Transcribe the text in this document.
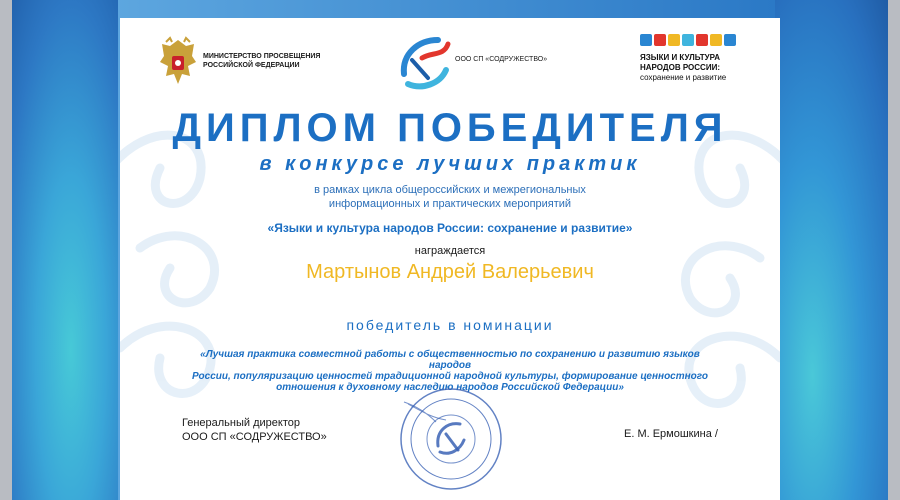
МИНИСТЕРСТВО ПРОСВЕЩЕНИЯ
РОССИЙСКОЙ ФЕДЕРАЦИИ
ООО СП «СОДРУЖЕСТВО»	ЯЗЫКИ И КУЛЬТУРА
НАРОДОВ РОССИИ:
сохранение и развитие
ДИПЛОМ ПОБЕДИТЕЛЯ
в конкурсе лучших практик
в рамках цикла общероссийских и межрегиональных
информационных и практических мероприятий
«Языки и культура народов России: сохранение и развитие»
награждается
Мартынов Андрей Валерьевич
победитель в номинации
«Лучшая практика совместной работы с общественностью по сохранению и развитию языков народов
России, популяризацию ценностей традиционной народной культуры, формирование ценностного
отношения к духовному наследию народов Российской Федерации»
Генеральный директор
ООО СП «СОДРУЖЕСТВО»	Е. М. Ермошкина /
